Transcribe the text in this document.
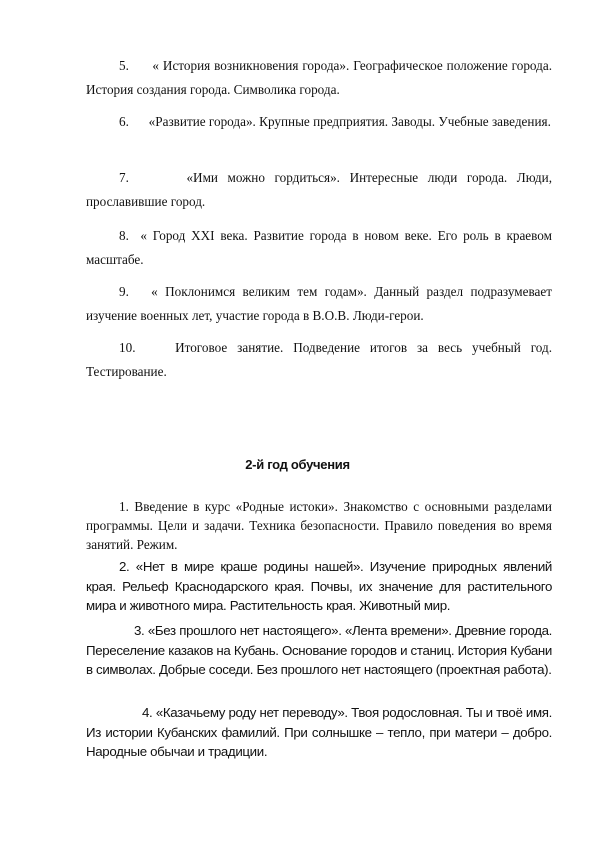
5.      « История возникновения города». Географическое положение города. История создания города. Символика города.

6.      «Развитие города». Крупные предприятия. Заводы. Учебные заведения.

7.      «Ими можно гордиться». Интересные люди города. Люди, прославившие город.

8.  « Город XXI века. Развитие города в новом веке. Его роль в краевом масштабе.

9.   « Поклонимся великим тем годам». Данный раздел подразумевает изучение военных лет, участие города в В.О.В. Люди-герои.

10.    Итоговое занятие. Подведение итогов за весь учебный год. Тестирование.

2-й год обучения

1. Введение в курс «Родные истоки». Знакомство с основными разделами программы. Цели и задачи. Техника безопасности. Правило поведения во время занятий. Режим.

2. «Нет в мире краше родины нашей». Изучение природных явлений края. Рельеф Краснодарского края. Почвы, их значение для растительного мира и животного мира. Растительность края. Животный мир.

3. «Без прошлого нет настоящего». «Лента времени». Древние города. Переселение казаков на Кубань. Основание городов и станиц. История Кубани в символах. Добрые соседи. Без прошлого нет настоящего (проектная работа).

4. «Казачьему роду нет переводу». Твоя родословная. Ты и твоё имя. Из истории Кубанских фамилий. При солнышке – тепло, при матери – добро. Народные обычаи и традиции.
